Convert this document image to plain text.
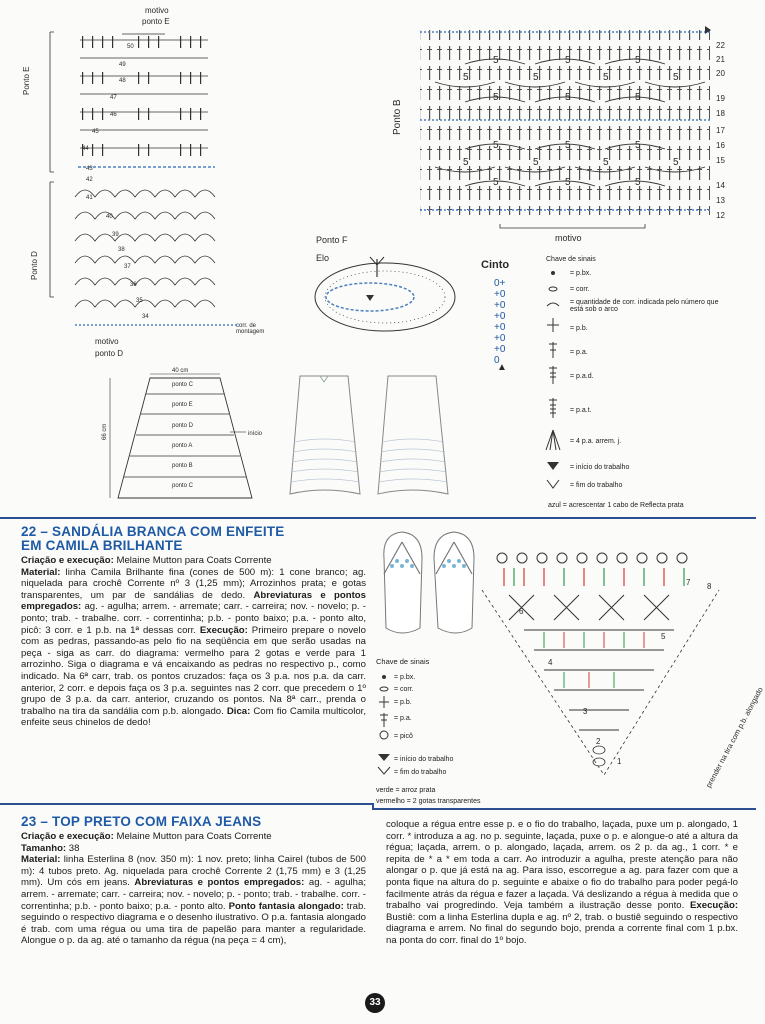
motivo
ponto E
Ponto E
Ponto D
motivo
ponto D
corr. de montagem
50
49
48
47
46
45
44
43
42
41
40
39
38
37
36
35
34
Ponto B
22
21
20
19
18
17
16
15
14
13
12
5	5	5
5	5	5	5
5	5	5
5	5	5
5	5	5	5
5	5	5
motivo
Ponto F
Elo
Cinto
0+
+0
+0
+0
+0
+0
+0
0
▲
Chave de sinais
= p.bx.
= corr.
= quantidade de corr. indicada pelo número que está sob o arco
= p.b.
= p.a.
= p.a.d.
= p.a.t.
= 4 p.a. arrem. j.
= início do trabalho
= fim do trabalho
azul = acrescentar 1 cabo de Reflecta prata
40 cm
66 cm	início
ponto C
ponto E
ponto D
ponto A
ponto B
ponto C
22 – SANDÁLIA BRANCA COM ENFEITE
EM CAMILA BRILHANTE
Criação e execução: Melaine Mutton para Coats Corrente
Material: linha Camila Brilhante fina (cones de 500 m): 1 cone branco; ag. niquelada para crochê Corrente nº 3 (1,25 mm); Arrozinhos prata; e gotas transparentes, um par de sandálias de dedo. Abreviaturas e pontos empregados: ag. - agulha; arrem. - arremate; carr. - carreira; nov. - novelo; p. - ponto; trab. - trabalhe. corr. - correntinha; p.b. - ponto baixo; p.a. - ponto alto, picô: 3 corr. e 1 p.b. na 1ª dessas corr. Execução: Primeiro prepare o novelo com as pedras, passando-as pelo fio na seqüência em que serão usadas na peça - siga as carr. do diagrama: vermelho para 2 gotas e verde para 1 arrozinho. Siga o diagrama e vá encaixando as pedras no respectivo p., como indicado. Na 6ª carr, trab. os pontos cruzados: faça os 3 p.a. nos p.a. da carr. anterior, 2 corr. e depois faça os 3 p.a. seguintes nas 2 corr. que precedem o 1º grupo de 3 p.a. da carr. anterior, cruzando os pontos. Na 8ª carr., prenda o trabalho na tira da sandália com p.b. alongado. Dica: Com fio Camila multicolor, enfeite seus chinelos de dedo!
1
2
3
4
5
6
7 8
prender na tira com p.b. alongado
Chave de sinais
= p.bx.
= corr.
= p.b.
= p.a.
= picô
= início do trabalho
= fim do trabalho
verde = arroz prata
vermelho = 2 gotas transparentes
23 – TOP PRETO COM FAIXA JEANS
Criação e execução: Melaine Mutton para Coats Corrente
Tamanho: 38
Material: linha Esterlina 8 (nov. 350 m): 1 nov. preto; linha Cairel (tubos de 500 m): 4 tubos preto. Ag. niquelada para crochê Corrente 2 (1,75 mm) e 3 (1,25 mm). Um cós em jeans. Abreviaturas e pontos empregados: ag. - agulha; arrem. - arremate; carr. - carreira; nov. - novelo; p. - ponto; trab. - trabalhe. corr. - correntinha; p.b. - ponto baixo; p.a. - ponto alto. Ponto fantasia alongado: trab. seguindo o respectivo diagrama e o desenho ilustrativo. O p.a. fantasia alongado é trab. com uma régua ou uma tira de papelão para manter a regularidade. Alongue o p. da ag. até o tamanho da régua (na peça = 4 cm),
coloque a régua entre esse p. e o fio do trabalho, laçada, puxe um p. alongado, 1 corr. * introduza a ag. no p. seguinte, laçada, puxe o p. e alongue-o até a altura da régua; laçada, arrem. o p. alongado, laçada, arrem. os 2 p. da ag., 1 corr. * e repita de * a * em toda a carr. Ao introduzir a agulha, preste atenção para não alongar o p. que já está na ag. Para isso, escorregue a ag. para fazer com que a ponta fique na altura do p. seguinte e abaixe o fio do trabalho para poder pegá-lo facilmente atrás da régua e fazer a laçada. Vá deslizando a régua à medida que o trabalho vai progredindo. Veja também a ilustração desse ponto. Execução: Bustiê: com a linha Esterlina dupla e ag. nº 2, trab. o bustiê seguindo o respectivo diagrama e arrem. No final do segundo bojo, prenda a corrente final com 1 p.bx. na ponta do corr. final do 1º bojo.
33
